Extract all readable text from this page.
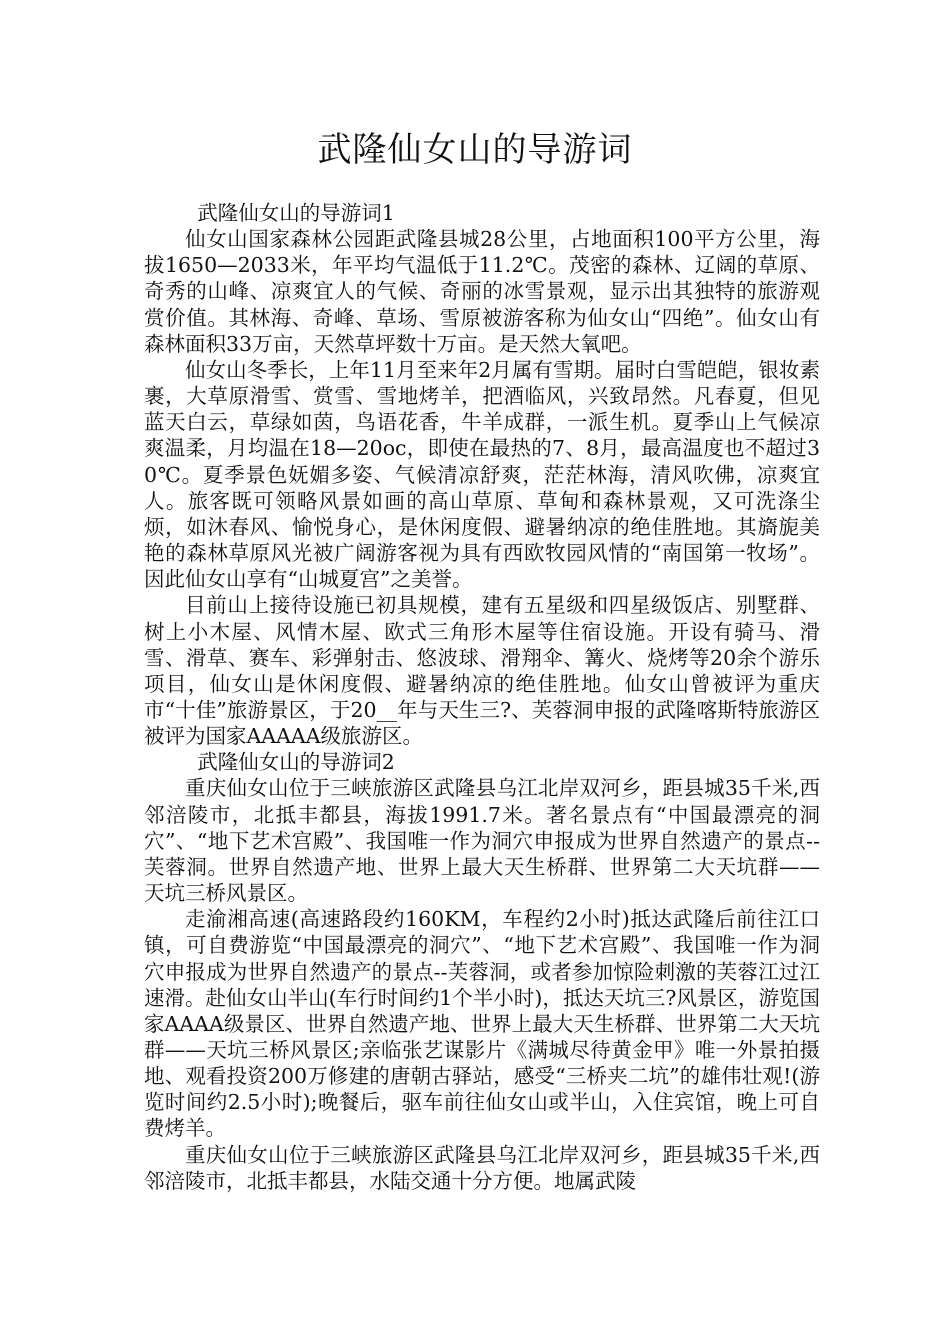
武隆仙女山的导游词

武隆仙女山的导游词1

仙女山国家森林公园距武隆县城28公里，占地面积100平方公里，海拔1650—2033米，年平均气温低于11.2℃。茂密的森林、辽阔的草原、奇秀的山峰、凉爽宜人的气候、奇丽的冰雪景观，显示出其独特的旅游观赏价值。其林海、奇峰、草场、雪原被游客称为仙女山“四绝”。仙女山有森林面积33万亩，天然草坪数十万亩。是天然大氧吧。

仙女山冬季长，上年11月至来年2月属有雪期。届时白雪皑皑，银妆素裹，大草原滑雪、赏雪、雪地烤羊，把酒临风，兴致昂然。凡春夏，但见蓝天白云，草绿如茵，鸟语花香，牛羊成群，一派生机。夏季山上气候凉爽温柔，月均温在18—20oc，即使在最热的7、8月，最高温度也不超过30℃。夏季景色妩媚多姿、气候清凉舒爽，茫茫林海，清风吹佛，凉爽宜人。旅客既可领略风景如画的高山草原、草甸和森林景观，又可洗涤尘烦，如沐春风、愉悦身心，是休闲度假、避暑纳凉的绝佳胜地。其旖旎美艳的森林草原风光被广阔游客视为具有西欧牧园风情的“南国第一牧场”。因此仙女山享有“山城夏宫”之美誉。

目前山上接待设施已初具规模，建有五星级和四星级饭店、别墅群、树上小木屋、风情木屋、欧式三角形木屋等住宿设施。开设有骑马、滑雪、滑草、赛车、彩弹射击、悠波球、滑翔伞、篝火、烧烤等20余个游乐项目，仙女山是休闲度假、避暑纳凉的绝佳胜地。仙女山曾被评为重庆市“十佳”旅游景区，于20__年与天生三?、芙蓉洞申报的武隆喀斯特旅游区被评为国家AAAAA级旅游区。

武隆仙女山的导游词2

重庆仙女山位于三峡旅游区武隆县乌江北岸双河乡，距县城35千米,西邻涪陵市，北抵丰都县，海拔1991.7米。著名景点有“中国最漂亮的洞穴”、“地下艺术宫殿”、我国唯一作为洞穴申报成为世界自然遗产的景点--芙蓉洞。世界自然遗产地、世界上最大天生桥群、世界第二大天坑群——天坑三桥风景区。

走渝湘高速(高速路段约160KM，车程约2小时)抵达武隆后前往江口镇，可自费游览“中国最漂亮的洞穴”、“地下艺术宫殿”、我国唯一作为洞穴申报成为世界自然遗产的景点--芙蓉洞，或者参加惊险刺激的芙蓉江过江速滑。赴仙女山半山(车行时间约1个半小时)，抵达天坑三?风景区，游览国家AAAA级景区、世界自然遗产地、世界上最大天生桥群、世界第二大天坑群——天坑三桥风景区;亲临张艺谋影片《满城尽待黄金甲》唯一外景拍摄地、观看投资200万修建的唐朝古驿站，感受“三桥夹二坑”的雄伟壮观!(游览时间约2.5小时);晚餐后，驱车前往仙女山或半山，入住宾馆，晚上可自费烤羊。

重庆仙女山位于三峡旅游区武隆县乌江北岸双河乡，距县城35千米,西邻涪陵市，北抵丰都县，水陆交通十分方便。地属武陵
